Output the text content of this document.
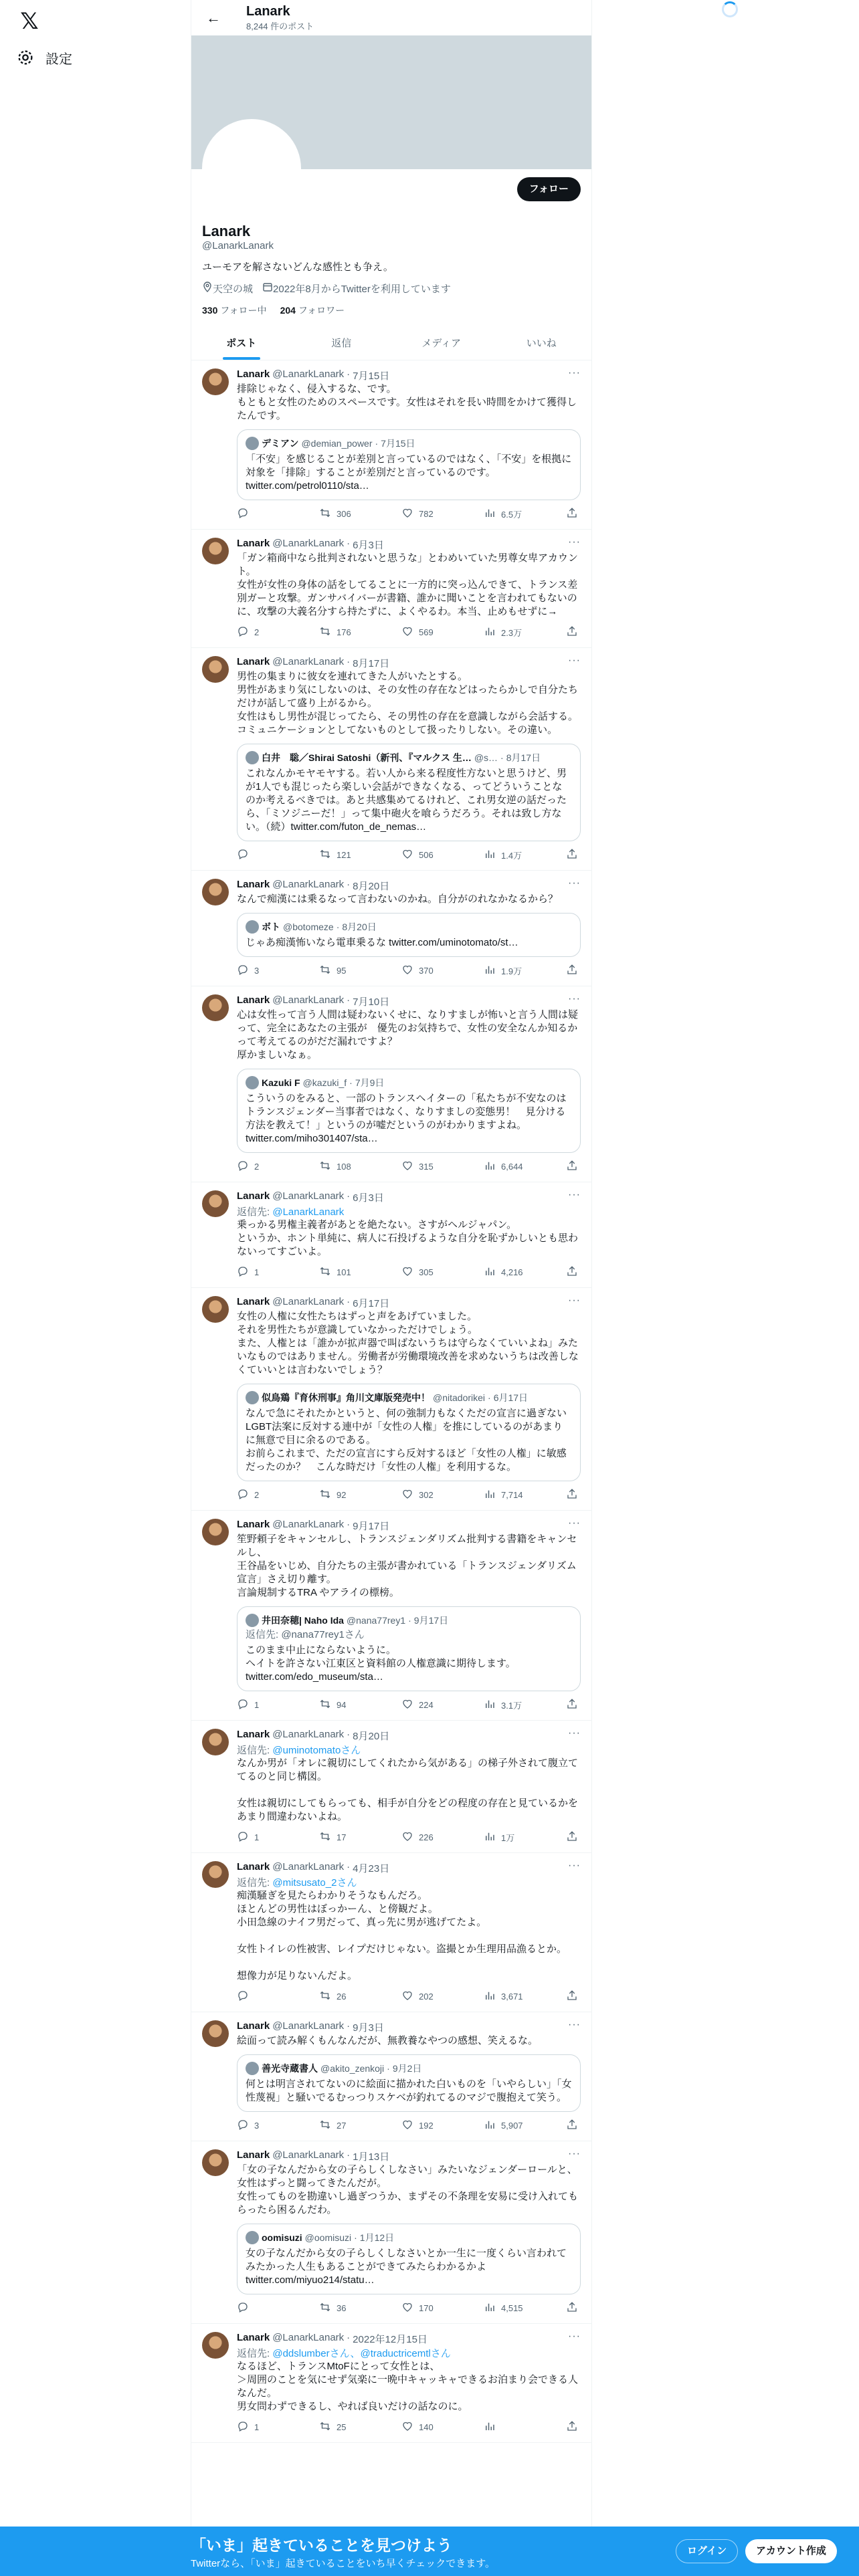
𝕏
設定
←	Lanark
8,244 件のポスト
フォロー
Lanark
@LanarkLanark
ユーモアを解さないどんな感性とも争え。
天空の城	2022年8月からTwitterを利用しています
330 フォロー中 204 フォロワー
ポスト	返信	メディア	いいね
···
Lanark @LanarkLanark · 7月15日
排除じゃなく、侵入するな、です。
もともと女性のためのスペースです。女性はそれを長い時間をかけて獲得したんです。
デミアン @demian_power · 7月15日
「不安」を感じることが差別と言っているのではなく、「不安」を根拠に対象を「排除」することが差別だと言っているのです。
twitter.com/petrol0110/sta…
306	782	6.5万
···
Lanark @LanarkLanark · 6月3日
「ガン箱商中なら批判されないと思うな」とわめいていた男尊女卑アカウント。
女性が女性の身体の話をしてることに一方的に突っ込んできて、トランス差別ガーと攻撃。ガンサバイバーが書籍、誰かに聞いことを言われてもないのに、攻撃の大義名分すら持たずに、よくやるわ。本当、止めもせずに→
2	176	569	2.3万
···
Lanark @LanarkLanark · 8月17日
男性の集まりに彼女を連れてきた人がいたとする。
男性があまり気にしないのは、その女性の存在などはったらかしで自分たちだけが話して盛り上がるから。
女性はもし男性が混じってたら、その男性の存在を意識しながら会話する。コミュニケーションとしてないものとして扱ったりしない。その違い。
白井　聡／Shirai Satoshi（新刊、『マルクス 生… @s… · 8月17日
これなんかモヤモヤする。若い人から来る程度性方ないと思うけど、男が1人でも混じったら楽しい会話ができなくなる、ってどういうことなのか考えるべきでは。あと共感集めてるけれど、これ男女逆の話だったら、「ミソジニーだ！」って集中砲火を喰らうだろう。それは致し方ない。（続）twitter.com/futon_de_nemas…
121	506	1.4万
···
Lanark @LanarkLanark · 8月20日
なんで痴漢には乗るなって言わないのかね。自分がのれなかなるから？
ボト @botomeze · 8月20日
じゃあ痴漢怖いなら電車乗るな twitter.com/uminotomato/st…
3	95	370	1.9万
···
Lanark @LanarkLanark · 7月10日
心は女性って言う人間は疑わないくせに、なりすましが怖いと言う人間は疑って、完全にあなたの主張が　優先のお気持ちで、女性の安全なんか知るかって考えてるのがだだ漏れですよ？
厚かましいなぁ。
Kazuki F @kazuki_f · 7月9日
こういうのをみると、一部のトランスヘイターの「私たちが不安なのはトランスジェンダー当事者ではなく、なりすましの変態男！　見分ける方法を教えて！」というのが嘘だというのがわかりますよね。
twitter.com/miho301407/sta…
2	108	315	6,644
···
Lanark @LanarkLanark · 6月3日
返信先: @LanarkLanark
乗っかる男権主義者があとを絶たない。さすがヘルジャパン。
というか、ホント単純に、病人に石投げるような自分を恥ずかしいとも思わないってすごいよ。
1	101	305	4,216
···
Lanark @LanarkLanark · 6月17日
女性の人権に女性たちはずっと声をあげていました。
それを男性たちが意識していなかっただけでしょう。
また、人権とは「誰かが拡声器で叫ばないうちは守らなくていいよね」みたいなものではありません。労働者が労働環境改善を求めないうちは改善しなくていいとは言わないでしょう？
似鳥鶏『育休刑事』角川文庫版発売中！ @nitadorikei · 6月17日
なんで急にそれたかというと、何の強制力もなくただの宣言に過ぎないLGBT法案に反対する連中が「女性の人権」を推にしているのがあまりに無意で目に余るのである。
お前らこれまで、ただの宣言にすら反対するほど「女性の人権」に敏感だったのか？　こんな時だけ「女性の人権」を利用するな。
2	92	302	7,714
···
Lanark @LanarkLanark · 9月17日
笙野頼子をキャンセルし、トランスジェンダリズム批判する書籍をキャンセルし、
王谷晶をいじめ、自分たちの主張が書かれている「トランスジェンダリズム宣言」さえ切り離す。
言論規制するTRA やアライの標榜。
井田奈穂| Naho Ida @nana77rey1 · 9月17日
返信先: @nana77rey1さん
このまま中止にならないように。
ヘイトを許さない江東区と資料館の人権意識に期待します。
twitter.com/edo_museum/sta…
1	94	224	3.1万
···
Lanark @LanarkLanark · 8月20日
返信先: @uminotomatoさん
なんか男が「オレに親切にしてくれたから気がある」の梯子外されて腹立ててるのと同じ構図。

女性は親切にしてもらっても、相手が自分をどの程度の存在と見ているかをあまり間違わないよね。
1	17	226	1万
···
Lanark @LanarkLanark · 4月23日
返信先: @mitsusato_2さん
痴漢騒ぎを見たらわかりそうなもんだろ。
ほとんどの男性はぼっかーん、と傍観だよ。
小田急線のナイフ男だって、真っ先に男が逃げてたよ。

女性トイレの性被害、レイプだけじゃない。盗撮とか生理用品漁るとか。

想像力が足りないんだよ。
26	202	3,671
···
Lanark @LanarkLanark · 9月3日
絵面って読み解くもんなんだが、無教養なやつの感想、笑えるな。
善光寺蔵書人 @akito_zenkoji · 9月2日
何とは明言されてないのに絵面に描かれた白いものを「いやらしい」「女性蔑視」と騒いでるむっつりスケベが釣れてるのマジで腹抱えて笑う。
3	27	192	5,907
···
Lanark @LanarkLanark · 1月13日
「女の子なんだから女の子らしくしなさい」みたいなジェンダーロールと、女性はずっと闘ってきたんだが。
女性ってものを勘違いし過ぎつうか、まずその不条理を安易に受け入れてもらったら困るんだわ。
oomisuzi @oomisuzi · 1月12日
女の子なんだから女の子らしくしなさいとか一生に一度くらい言われてみたかった人生もあることができてみたらわかるかよ
twitter.com/miyuo214/statu…
36	170	4,515
···
Lanark @LanarkLanark · 2022年12月15日
返信先: @ddslumberさん、@traductricemtlさん
なるほど、トランスMtoFにとって女性とは、
＞周囲のことを気にせず気楽に一晩中キャッキャできるお泊まり会できる人なんだ。
男女問わずできるし、やれば良いだけの話なのに。
1	25	140
「いま」起きていることを見つけよう
Twitterなら、「いま」起きていることをいち早くチェックできます。
ログイン	アカウント作成
